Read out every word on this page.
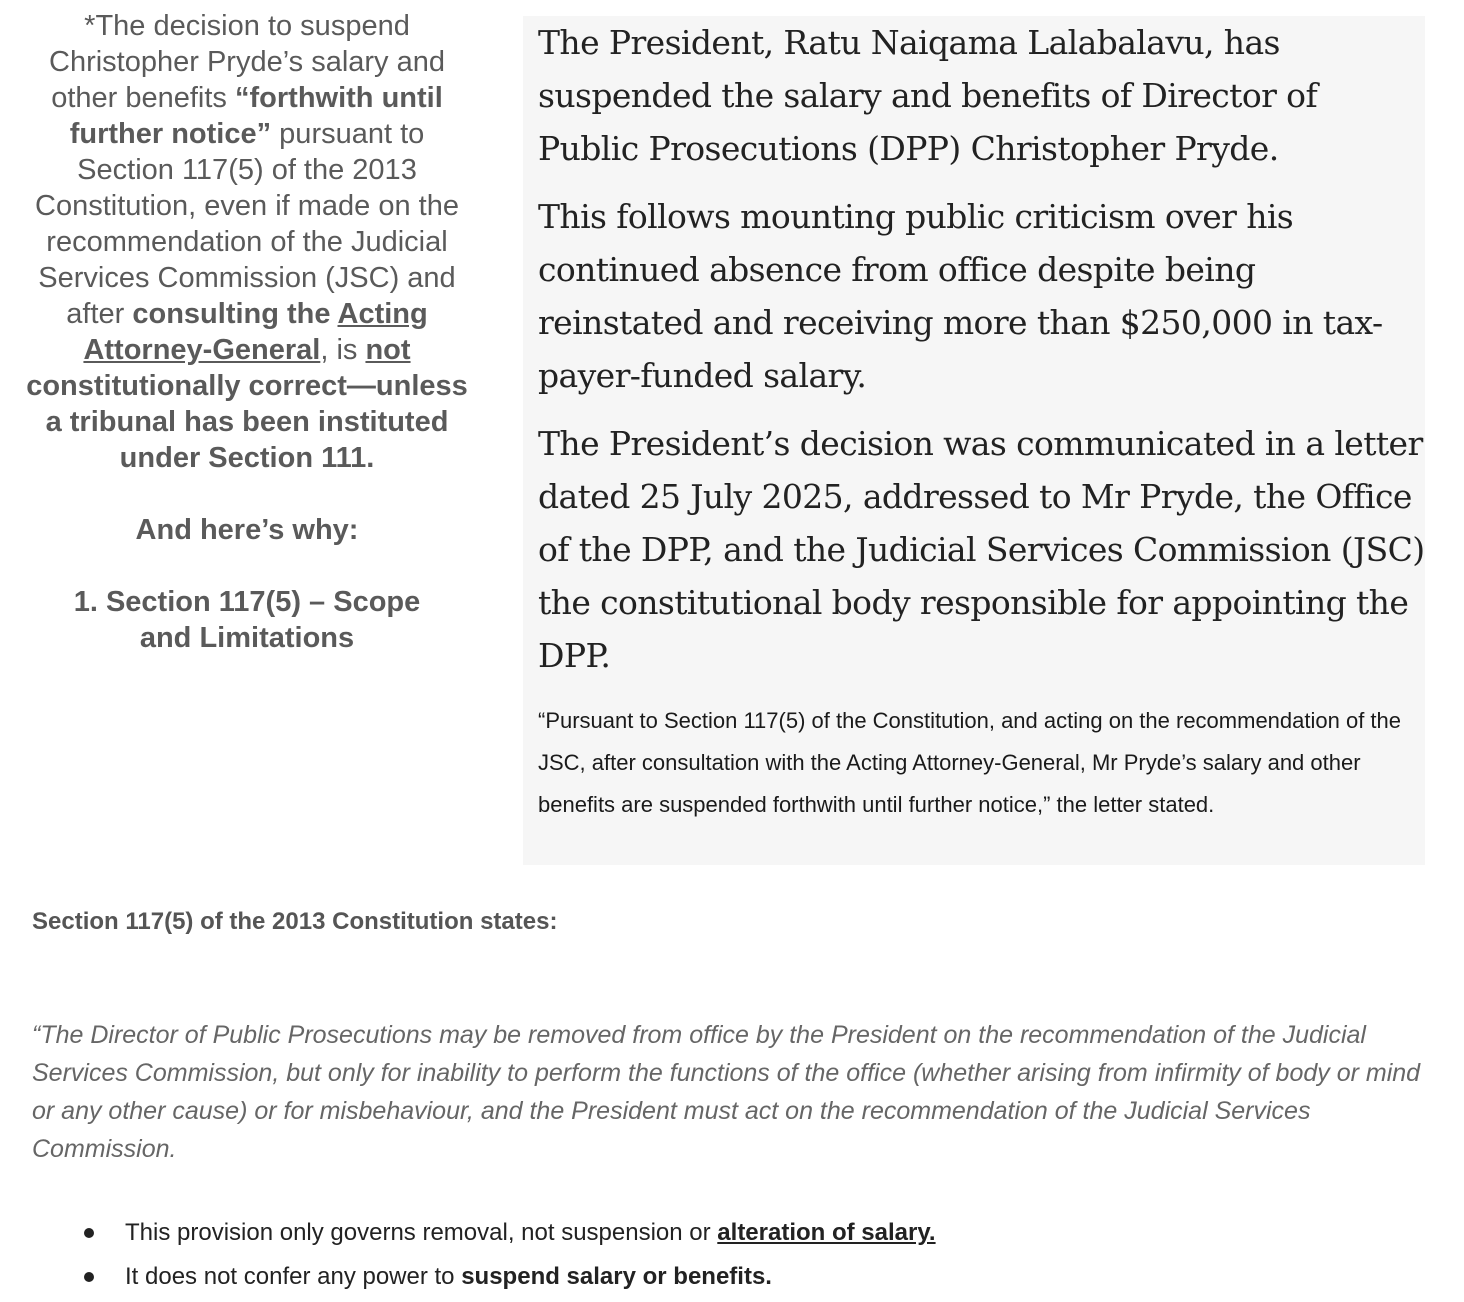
*The decision to suspend Christopher Pryde’s salary and other benefits “forthwith until further notice” pursuant to Section 117(5) of the 2013 Constitution, even if made on the recommendation of the Judicial Services Commission (JSC) and after consulting the Acting Attorney-General, is not constitutionally correct—unless a tribunal has been instituted under Section 111.

And here’s why:

1. Section 117(5) – Scope and Limitations

The President, Ratu Naiqama Lalabalavu, has suspended the salary and benefits of Director of Public Prosecutions (DPP) Christopher Pryde.

This follows mounting public criticism over his continued absence from office despite being reinstated and receiving more than $250,000 in tax-payer-funded salary.

The President’s decision was communicated in a letter dated 25 July 2025, addressed to Mr Pryde, the Office of the DPP, and the Judicial Services Commission (JSC) the constitutional body responsible for appointing the DPP.

“Pursuant to Section 117(5) of the Constitution, and acting on the recommendation of the JSC, after consultation with the Acting Attorney-General, Mr Pryde’s salary and other benefits are suspended forthwith until further notice,” the letter stated.

Section 117(5) of the 2013 Constitution states:
“The Director of Public Prosecutions may be removed from office by the President on the recommendation of the Judicial Services Commission, but only for inability to perform the functions of the office (whether arising from infirmity of body or mind or any other cause) or for misbehaviour, and the President must act on the recommendation of the Judicial Services Commission.
This provision only governs removal, not suspension or alteration of salary.
It does not confer any power to suspend salary or benefits.
